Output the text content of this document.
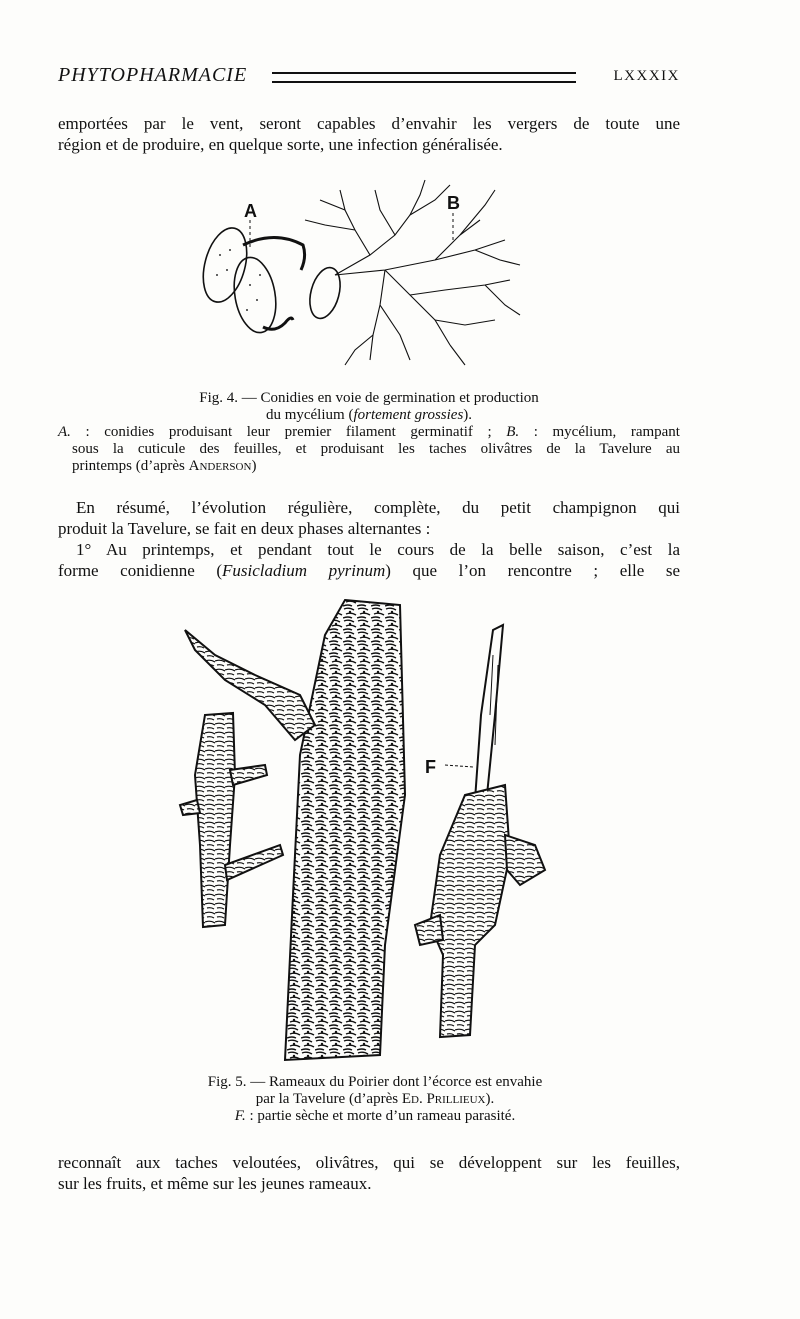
PHYTOPHARMACIE	LXXXIX
emportées par le vent, seront capables d’envahir les vergers de toute une
région et de produire, en quelque sorte, une infection généralisée.
A	B
Fig. 4. — Conidies en voie de germination et production
du mycélium (fortement grossies).
A. : conidies produisant leur premier filament germinatif ; B. : mycélium, rampant
sous la cuticule des feuilles, et produisant les taches olivâtres de la Tavelure au
printemps (d’après Anderson)
En résumé, l’évolution régulière, complète, du petit champignon qui
produit la Tavelure, se fait en deux phases alternantes :
1° Au printemps, et pendant tout le cours de la belle saison, c’est la
forme conidienne (Fusicladium pyrinum) que l’on rencontre ; elle se
F
Fig. 5. — Rameaux du Poirier dont l’écorce est envahie
par la Tavelure (d’après Ed. Prillieux).
F. : partie sèche et morte d’un rameau parasité.
reconnaît aux taches veloutées, olivâtres, qui se développent sur les feuilles,
sur les fruits, et même sur les jeunes rameaux.
